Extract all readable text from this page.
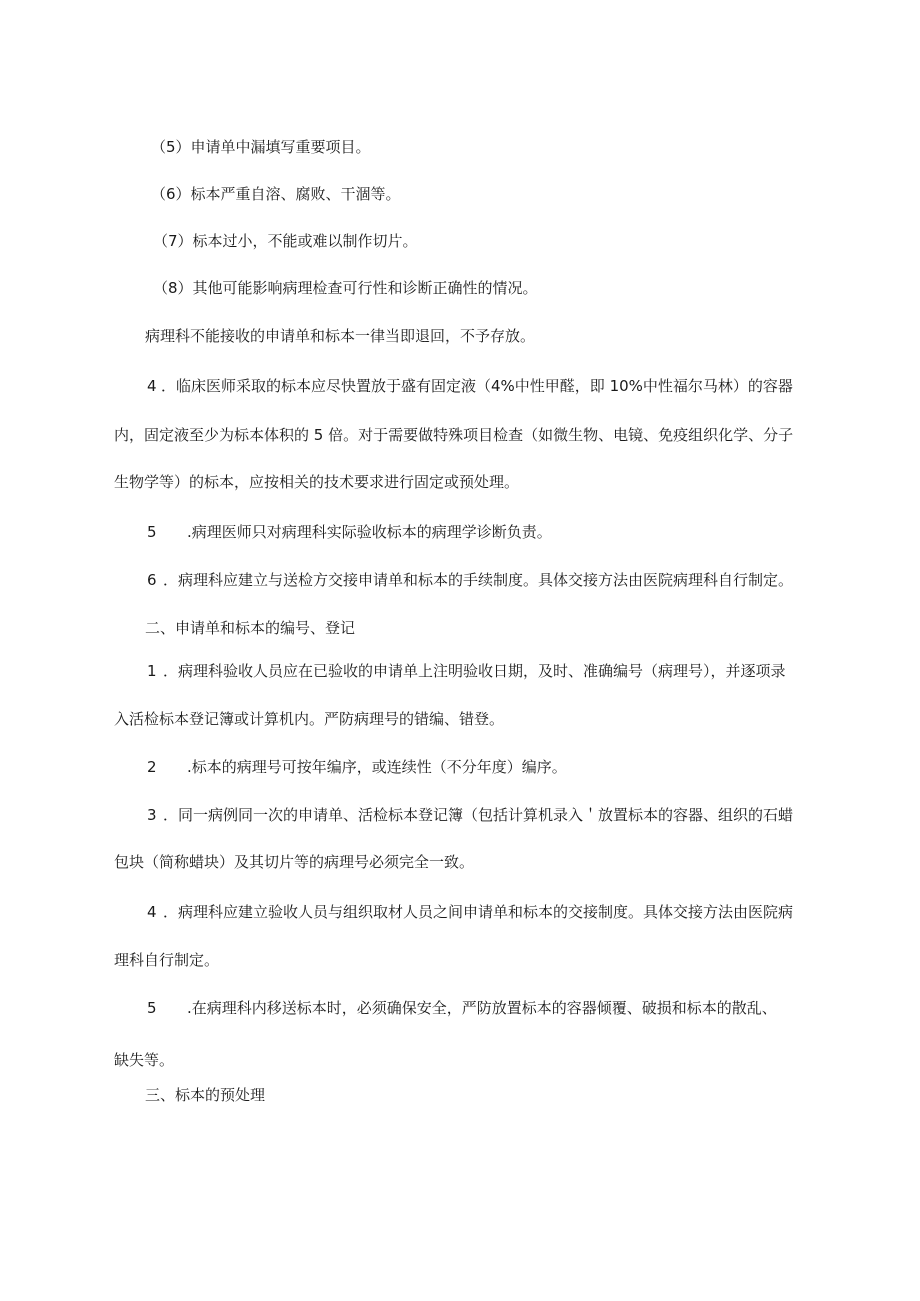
（5）申请单中漏填写重要项目。

（6）标本严重自溶、腐败、干涸等。

（7）标本过小，不能或难以制作切片。

（8）其他可能影响病理检查可行性和诊断正确性的情况。

病理科不能接收的申请单和标本一律当即退回，不予存放。

4 ．临床医师采取的标本应尽快置放于盛有固定液（4%中性甲醛，即 10%中性福尔马林）的容器

内，固定液至少为标本体积的 5 倍。对于需要做特殊项目检查（如微生物、电镜、免疫组织化学、分子

生物学等）的标本，应按相关的技术要求进行固定或预处理。

5 .病理医师只对病理科实际验收标本的病理学诊断负责。

6 ．病理科应建立与送检方交接申请单和标本的手续制度。具体交接方法由医院病理科自行制定。

二、申请单和标本的编号、登记

1 ．病理科验收人员应在已验收的申请单上注明验收日期，及时、准确编号（病理号），并逐项录

入活检标本登记簿或计算机内。严防病理号的错编、错登。

2 .标本的病理号可按年编序，或连续性（不分年度）编序。

3 ．同一病例同一次的申请单、活检标本登记簿（包括计算机录入＇放置标本的容器、组织的石蜡

包块（简称蜡块）及其切片等的病理号必须完全一致。

4 ．病理科应建立验收人员与组织取材人员之间申请单和标本的交接制度。具体交接方法由医院病

理科自行制定。

5 .在病理科内移送标本时，必须确保安全，严防放置标本的容器倾覆、破损和标本的散乱、

缺失等。

三、标本的预处理
